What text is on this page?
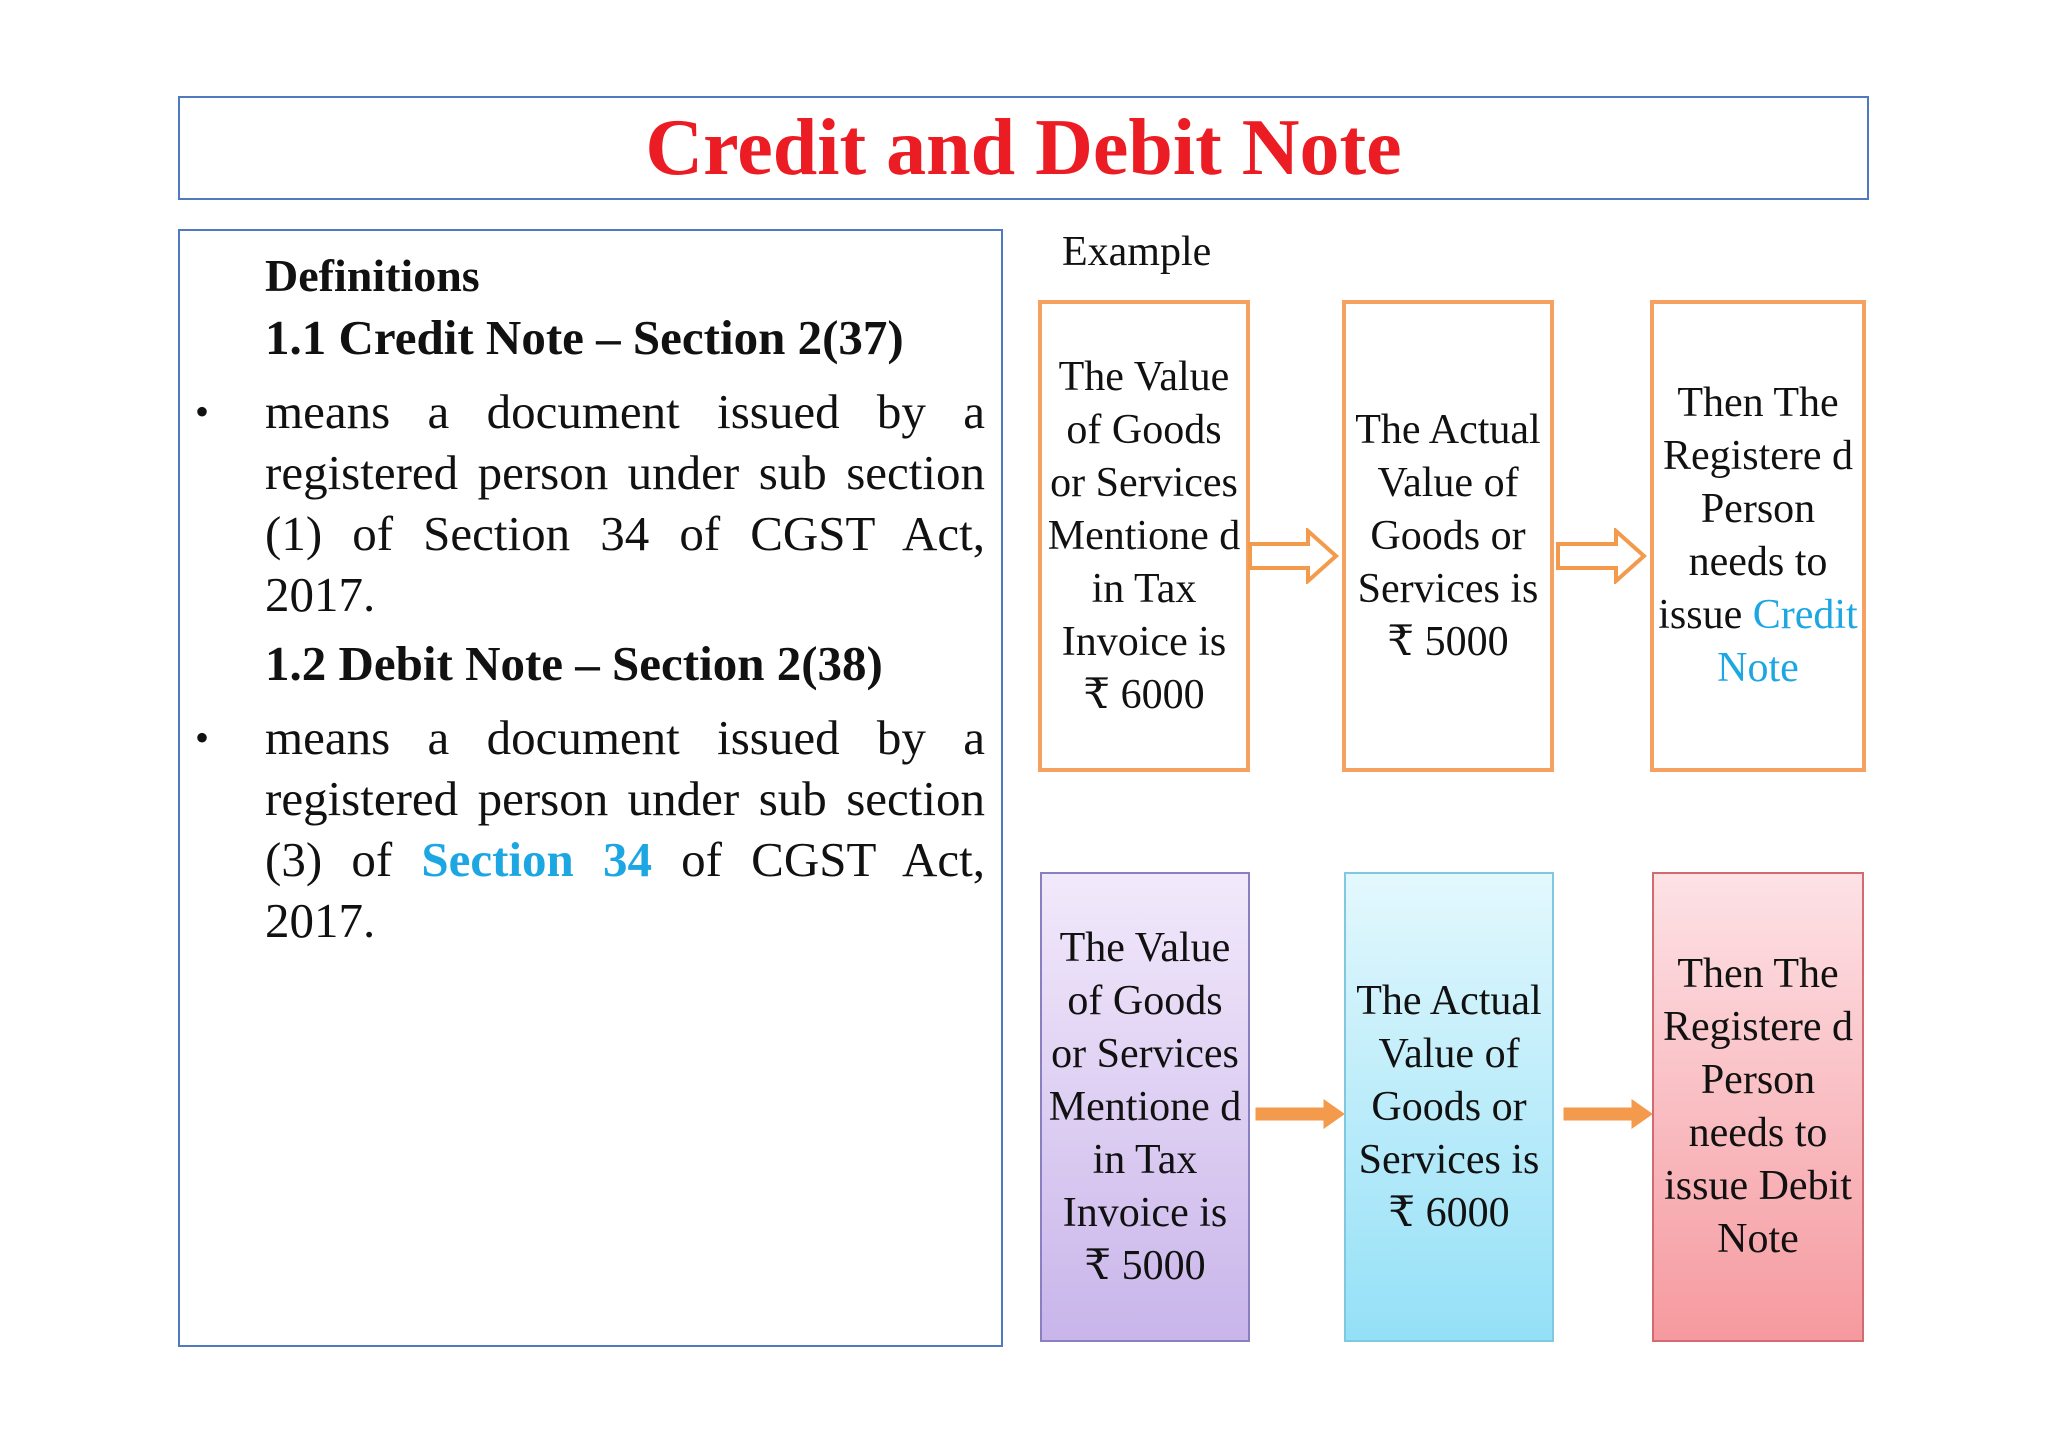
Credit and Debit Note
Definitions
1.1 Credit Note – Section 2(37)
• means a document issued by a registered person under sub section (1) of Section 34 of CGST Act, 2017.

1.2 Debit Note – Section 2(38)
• means a document issued by a registered person under sub section (3) of Section 34 of CGST Act, 2017.

Example
The Value of Goods or Services Mentione d in Tax Invoice is ₹ 6000
The Actual Value of Goods or Services is ₹ 5000
Then The Registere d Person needs to issue Credit Note
The Value of Goods or Services Mentione d in Tax Invoice is ₹ 5000
The Actual Value of Goods or Services is ₹ 6000
Then The Registere d Person needs to issue Debit Note
